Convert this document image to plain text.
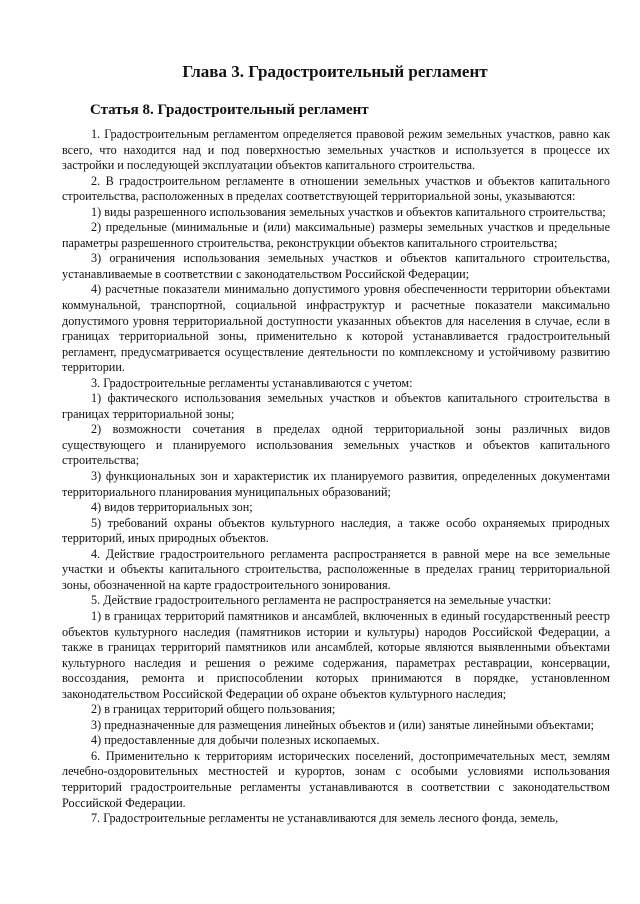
Глава 3. Градостроительный регламент
Статья 8. Градостроительный регламент

1. Градостроительным регламентом определяется правовой режим земельных участков, равно как всего, что находится над и под поверхностью земельных участков и используется в процессе их застройки и последующей эксплуатации объектов капитального строительства.

2. В градостроительном регламенте в отношении земельных участков и объектов капитального строительства, расположенных в пределах соответствующей территориальной зоны, указываются:

1) виды разрешенного использования земельных участков и объектов капитального строительства;

2) предельные (минимальные и (или) максимальные) размеры земельных участков и предельные параметры разрешенного строительства, реконструкции объектов капитального строительства;

3) ограничения использования земельных участков и объектов капитального строительства, устанавливаемые в соответствии с законодательством Российской Федерации;

4) расчетные показатели минимально допустимого уровня обеспеченности территории объектами коммунальной, транспортной, социальной инфраструктур и расчетные показатели максимально допустимого уровня территориальной доступности указанных объектов для населения в случае, если в границах территориальной зоны, применительно к которой устанавливается градостроительный регламент, предусматривается осуществление деятельности по комплексному и устойчивому развитию территории.

3. Градостроительные регламенты устанавливаются с учетом:

1) фактического использования земельных участков и объектов капитального строительства в границах территориальной зоны;

2) возможности сочетания в пределах одной территориальной зоны различных видов существующего и планируемого использования земельных участков и объектов капитального строительства;

3) функциональных зон и характеристик их планируемого развития, определенных документами территориального планирования муниципальных образований;

4) видов территориальных зон;

5) требований охраны объектов культурного наследия, а также особо охраняемых природных территорий, иных природных объектов.

4. Действие градостроительного регламента распространяется в равной мере на все земельные участки и объекты капитального строительства, расположенные в пределах границ территориальной зоны, обозначенной на карте градостроительного зонирования.

5. Действие градостроительного регламента не распространяется на земельные участки:

1) в границах территорий памятников и ансамблей, включенных в единый государственный реестр объектов культурного наследия (памятников истории и культуры) народов Российской Федерации, а также в границах территорий памятников или ансамблей, которые являются выявленными объектами культурного наследия и решения о режиме содержания, параметрах реставрации, консервации, воссоздания, ремонта и приспособлении которых принимаются в порядке, установленном законодательством Российской Федерации об охране объектов культурного наследия;

2) в границах территорий общего пользования;

3) предназначенные для размещения линейных объектов и (или) занятые линейными объектами;

4) предоставленные для добычи полезных ископаемых.

6. Применительно к территориям исторических поселений, достопримечательных мест, землям лечебно-оздоровительных местностей и курортов, зонам с особыми условиями использования территорий градостроительные регламенты устанавливаются в соответствии с законодательством Российской Федерации.

7. Градостроительные регламенты не устанавливаются для земель лесного фонда, земель,
